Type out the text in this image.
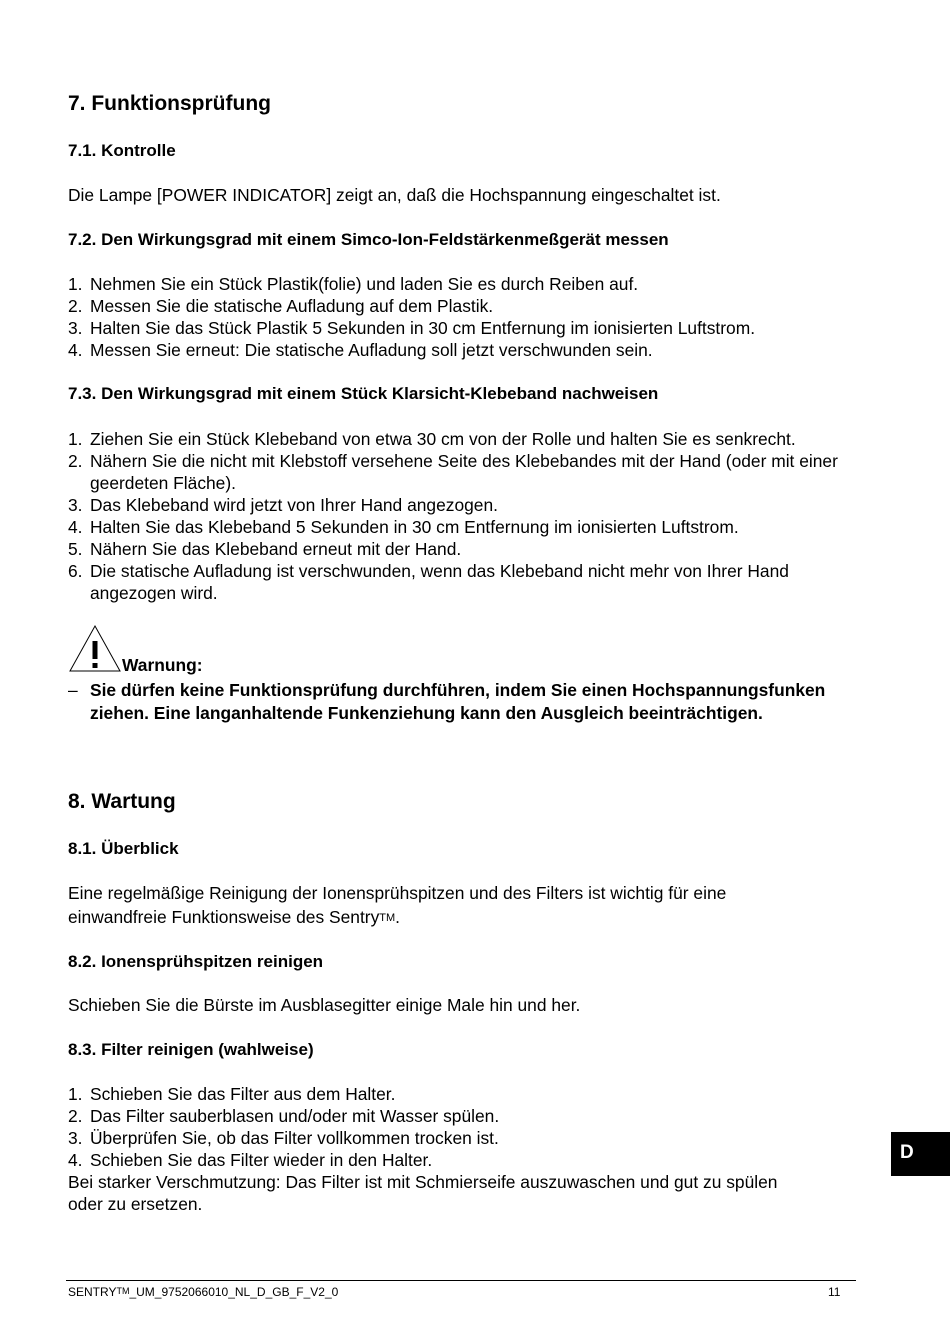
7. Funktionsprüfung
7.1. Kontrolle
Die Lampe [POWER INDICATOR] zeigt an, daß die Hochspannung eingeschaltet ist.
7.2. Den Wirkungsgrad mit einem Simco-Ion-Feldstärkenmeßgerät messen
1. Nehmen Sie ein Stück Plastik(folie) und laden Sie es durch Reiben auf.
2. Messen Sie die statische Aufladung auf dem Plastik.
3. Halten Sie das Stück Plastik 5 Sekunden in 30 cm Entfernung im ionisierten Luftstrom.
4. Messen Sie erneut: Die statische Aufladung soll jetzt verschwunden sein.
7.3. Den Wirkungsgrad mit einem Stück Klarsicht-Klebeband nachweisen
1. Ziehen Sie ein Stück Klebeband von etwa 30 cm von der Rolle und halten Sie es senkrecht.
2. Nähern Sie die nicht mit Klebstoff versehene Seite des Klebebandes mit der Hand (oder mit einer geerdeten Fläche).
3. Das Klebeband wird jetzt von Ihrer Hand angezogen.
4. Halten Sie das Klebeband 5 Sekunden in 30 cm Entfernung im ionisierten Luftstrom.
5. Nähern Sie das Klebeband erneut mit der Hand.
6. Die statische Aufladung ist verschwunden, wenn das Klebeband nicht mehr von Ihrer Hand angezogen wird.
Warnung:
– Sie dürfen keine Funktionsprüfung durchführen, indem Sie einen Hochspannungsfunken ziehen. Eine langanhaltende Funkenziehung kann den Ausgleich beeinträchtigen.
8. Wartung
8.1. Überblick
Eine regelmäßige Reinigung der Ionensprühspitzen und des Filters ist wichtig für eine
einwandfreie Funktionsweise des SentryTM.
8.2. Ionensprühspitzen reinigen
Schieben Sie die Bürste im Ausblasegitter einige Male hin und her.
8.3. Filter reinigen (wahlweise)
1. Schieben Sie das Filter aus dem Halter.
2. Das Filter sauberblasen und/oder mit Wasser spülen.
3. Überprüfen Sie, ob das Filter vollkommen trocken ist.
4. Schieben Sie das Filter wieder in den Halter.
Bei starker Verschmutzung: Das Filter ist mit Schmierseife auszuwaschen und gut zu spülen
oder zu ersetzen.
D
SENTRYTM_UM_9752066010_NL_D_GB_F_V2_0	11
